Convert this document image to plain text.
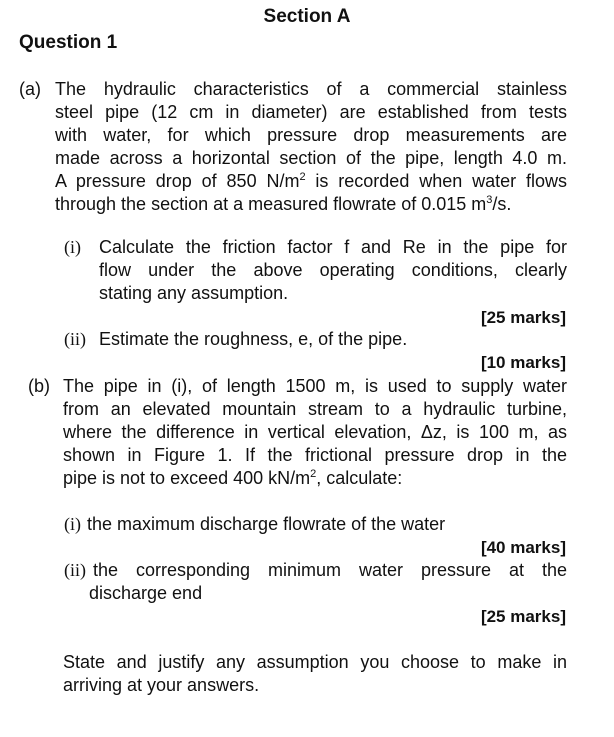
Section A
Question 1
(a) The hydraulic characteristics of a commercial stainless
steel pipe (12 cm in diameter) are established from tests
with water, for which pressure drop measurements are
made across a horizontal section of the pipe, length 4.0 m.
A pressure drop of 850 $N/m^2$ is recorded when water flows
through the section at a measured flowrate of 0.015 $m^3/s$.
(i) Calculate the friction factor f and Re in the pipe for
flow under the above operating conditions, clearly
stating any assumption.
[25 marks]
(ii) Estimate the roughness, e, of the pipe.
[10 marks]
(b) The pipe in (i), of length 1500 m, is used to supply water
from an elevated mountain stream to a hydraulic turbine,
where the difference in vertical elevation, Δz, is 100 m, as
shown in Figure 1. If the frictional pressure drop in the
pipe is not to exceed 400 $kN/m^2$, calculate:
(i) the maximum discharge flowrate of the water
[40 marks]
(ii) the corresponding minimum water pressure at the
discharge end
[25 marks]
State and justify any assumption you choose to make in
arriving at your answers.
